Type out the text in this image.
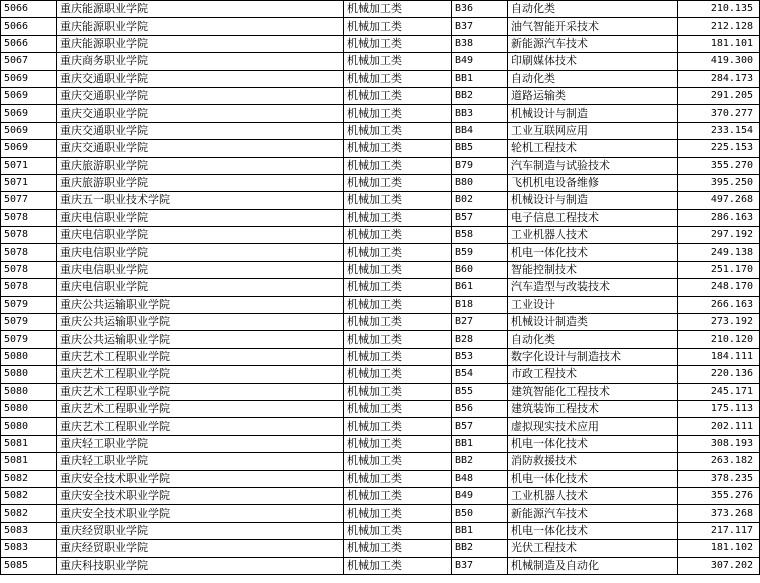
5066	重庆能源职业学院	机械加工类	B36	自动化类	210.135
5066	重庆能源职业学院	机械加工类	B37	油气智能开采技术	212.128
5066	重庆能源职业学院	机械加工类	B38	新能源汽车技术	181.101
5067	重庆商务职业学院	机械加工类	B49	印刷媒体技术	419.300
5069	重庆交通职业学院	机械加工类	BB1	自动化类	284.173
5069	重庆交通职业学院	机械加工类	BB2	道路运输类	291.205
5069	重庆交通职业学院	机械加工类	BB3	机械设计与制造	370.277
5069	重庆交通职业学院	机械加工类	BB4	工业互联网应用	233.154
5069	重庆交通职业学院	机械加工类	BB5	轮机工程技术	225.153
5071	重庆旅游职业学院	机械加工类	B79	汽车制造与试验技术	355.270
5071	重庆旅游职业学院	机械加工类	B80	飞机机电设备维修	395.250
5077	重庆五一职业技术学院	机械加工类	B02	机械设计与制造	497.268
5078	重庆电信职业学院	机械加工类	B57	电子信息工程技术	286.163
5078	重庆电信职业学院	机械加工类	B58	工业机器人技术	297.192
5078	重庆电信职业学院	机械加工类	B59	机电一体化技术	249.138
5078	重庆电信职业学院	机械加工类	B60	智能控制技术	251.170
5078	重庆电信职业学院	机械加工类	B61	汽车造型与改装技术	248.170
5079	重庆公共运输职业学院	机械加工类	B18	工业设计	266.163
5079	重庆公共运输职业学院	机械加工类	B27	机械设计制造类	273.192
5079	重庆公共运输职业学院	机械加工类	B28	自动化类	210.120
5080	重庆艺术工程职业学院	机械加工类	B53	数字化设计与制造技术	184.111
5080	重庆艺术工程职业学院	机械加工类	B54	市政工程技术	220.136
5080	重庆艺术工程职业学院	机械加工类	B55	建筑智能化工程技术	245.171
5080	重庆艺术工程职业学院	机械加工类	B56	建筑装饰工程技术	175.113
5080	重庆艺术工程职业学院	机械加工类	B57	虚拟现实技术应用	202.111
5081	重庆轻工职业学院	机械加工类	BB1	机电一体化技术	308.193
5081	重庆轻工职业学院	机械加工类	BB2	消防救援技术	263.182
5082	重庆安全技术职业学院	机械加工类	B48	机电一体化技术	378.235
5082	重庆安全技术职业学院	机械加工类	B49	工业机器人技术	355.276
5082	重庆安全技术职业学院	机械加工类	B50	新能源汽车技术	373.268
5083	重庆经贸职业学院	机械加工类	BB1	机电一体化技术	217.117
5083	重庆经贸职业学院	机械加工类	BB2	光伏工程技术	181.102
5085	重庆科技职业学院	机械加工类	B37	机械制造及自动化	307.202
